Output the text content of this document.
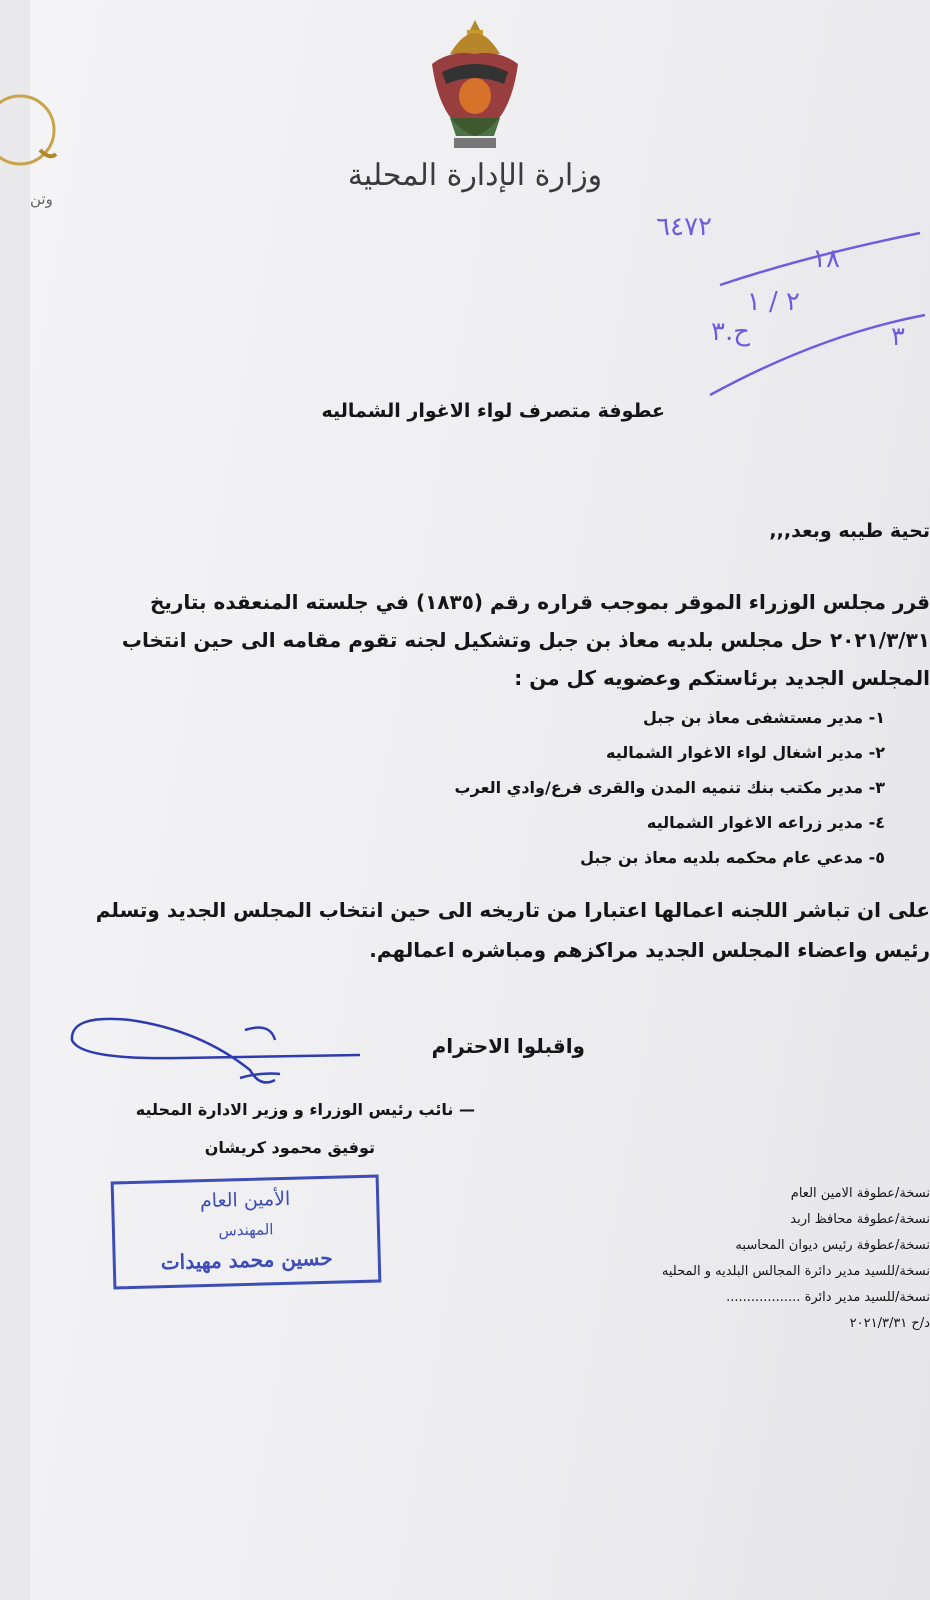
وزارة الإدارة المحلية
وتن
٦٤٧٢
١٨
٢ / ١
ح.٣	٣
عطوفة متصرف لواء الاغوار الشماليه
تحية طيبه وبعد,,,
قرر مجلس الوزراء الموقر بموجب قراره رقم (١٨٣٥) في جلسته المنعقده بتاريخ
٢٠٢١/٣/٣١ حل مجلس بلديه معاذ بن جبل وتشكيل لجنه تقوم مقامه الى حين انتخاب
المجلس الجديد برئاستكم وعضويه كل من :
١- مدير مستشفى معاذ بن جبل
٢- مدير اشغال لواء الاغوار الشماليه
٣- مدير مكتب بنك تنميه المدن والقرى فرع/وادي العرب
٤- مدير زراعه الاغوار الشماليه
٥- مدعي عام محكمه بلديه معاذ بن جبل
على ان تباشر اللجنه اعمالها اعتبارا من تاريخه الى حين انتخاب المجلس الجديد وتسلم
رئيس واعضاء المجلس الجديد مراكزهم ومباشره اعمالهم.
واقبلوا الاحترام
— نائب رئيس الوزراء و وزير الادارة المحليه
توفيق محمود كريشان
الأمين العام
المهندس
حسين محمد مهيدات
نسخة/عطوفة الامين العام
نسخة/عطوفة محافظ اربد
نسخة/عطوفة رئيس ديوان المحاسبه
نسخة/للسيد مدير دائرة المجالس البلديه و المحليه
نسخة/للسيد مدير دائرة ..................
د/ح ٢٠٢١/٣/٣١
